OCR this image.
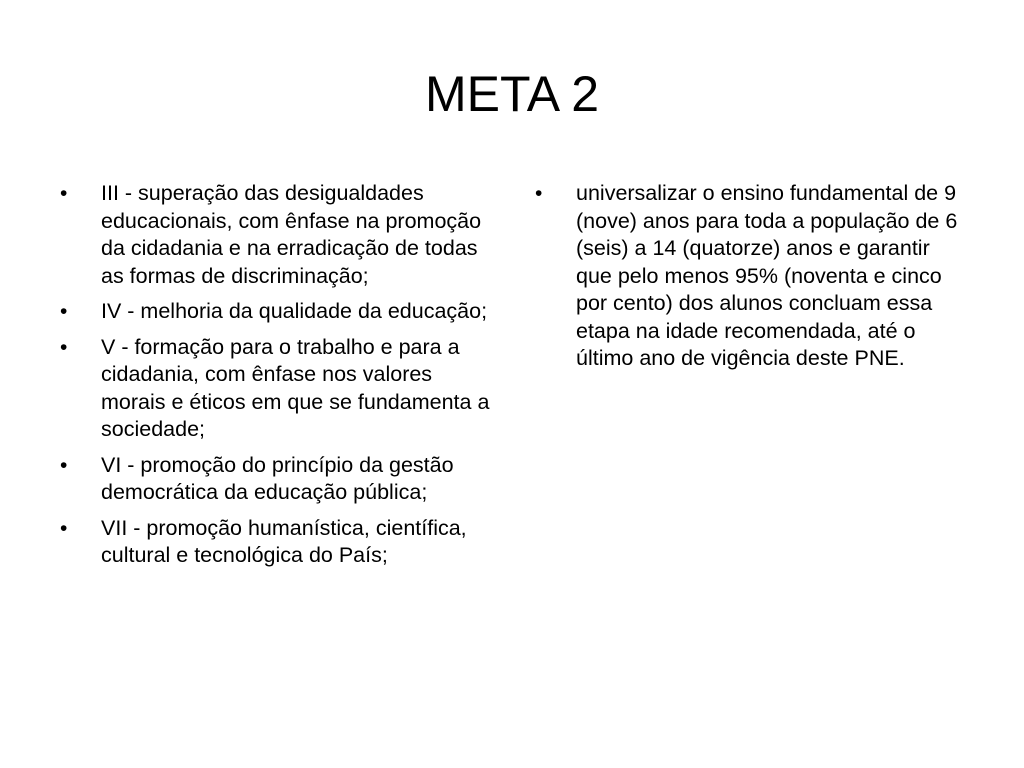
META 2
• III - superação das desigualdades educacionais, com ênfase na promoção da cidadania e na erradicação de todas as formas de discriminação;
• IV - melhoria da qualidade da educação;
• V - formação para o trabalho e para a cidadania, com ênfase nos valores morais e éticos em que se fundamenta a sociedade;
• VI - promoção do princípio da gestão democrática da educação pública;
• VII - promoção humanística, científica, cultural e tecnológica do País;
• universalizar o ensino fundamental de 9 (nove) anos para toda a população de 6 (seis) a 14 (quatorze) anos e garantir que pelo menos 95% (noventa e cinco por cento) dos alunos concluam essa etapa na idade recomendada, até o último ano de vigência deste PNE.
